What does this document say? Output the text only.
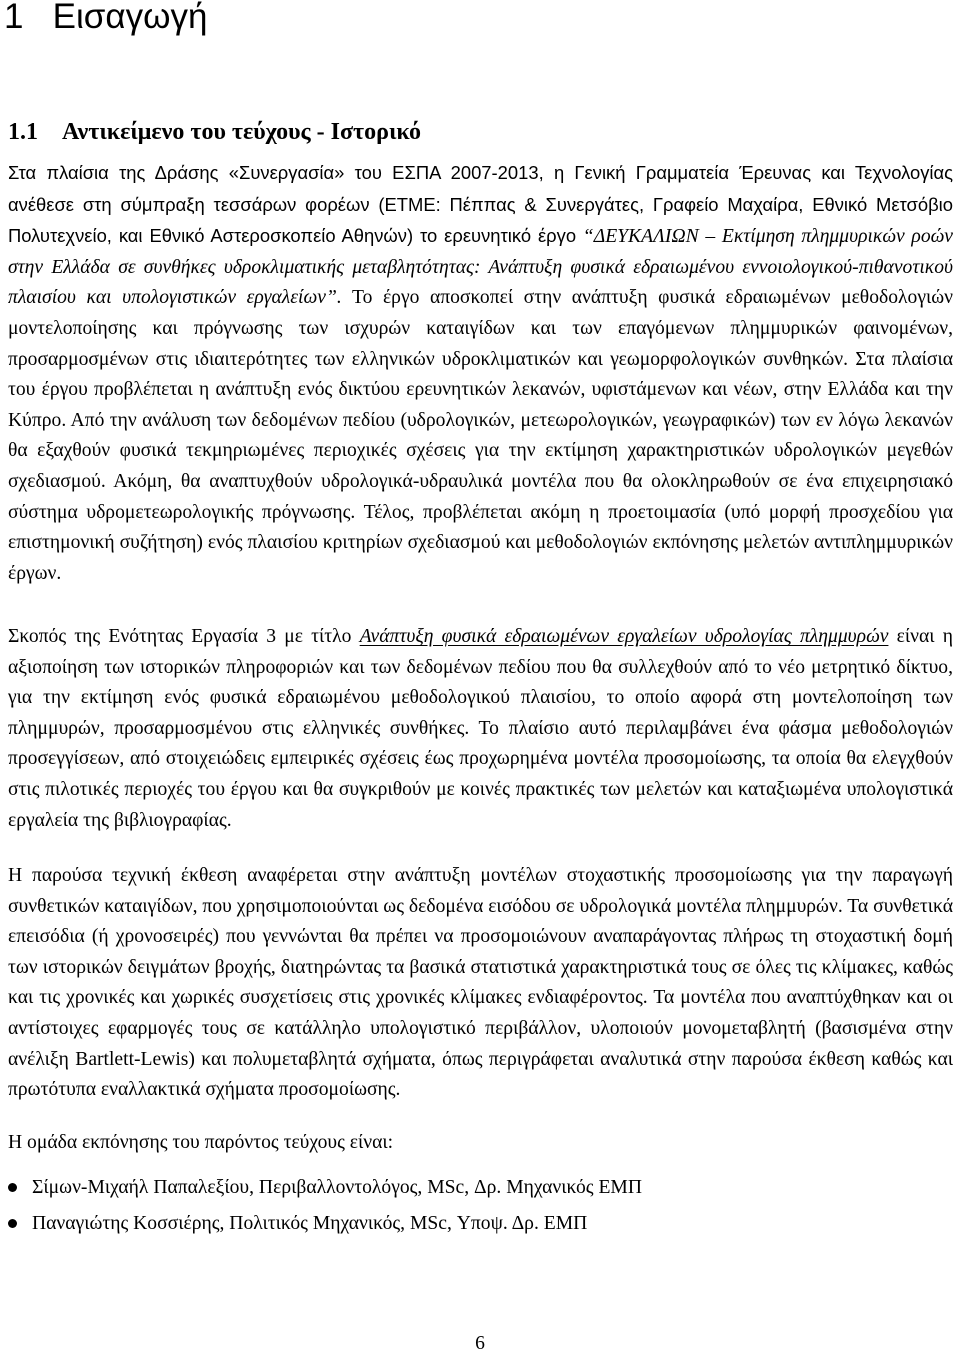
1 Εισαγωγή
1.1 Αντικείμενο του τεύχους - Ιστορικό

Στα πλαίσια της Δράσης «Συνεργασία» του ΕΣΠΑ 2007-2013, η Γενική Γραμματεία Έρευνας και Τεχνολογίας ανέθεσε στη σύμπραξη τεσσάρων φορέων (ΕΤΜΕ: Πέππας & Συνεργάτες, Γραφείο Μαχαίρα, Εθνικό Μετσόβιο Πολυτεχνείο, και Εθνικό Αστεροσκοπείο Αθηνών) το ερευνητικό έργο “ΔΕΥΚΑΛΙΩΝ – Εκτίμηση πλημμυρικών ροών στην Ελλάδα σε συνθήκες υδροκλιματικής μεταβλητότητας: Ανάπτυξη φυσικά εδραιωμένου εννοιολογικού-πιθανοτικού πλαισίου και υπολογιστικών εργαλείων”. Το έργο αποσκοπεί στην ανάπτυξη φυσικά εδραιωμένων μεθοδολογιών μοντελοποίησης και πρόγνωσης των ισχυρών καταιγίδων και των επαγόμενων πλημμυρικών φαινομένων, προσαρμοσμένων στις ιδιαιτερότητες των ελληνικών υδροκλιματικών και γεωμορφολογικών συνθηκών. Στα πλαίσια του έργου προβλέπεται η ανάπτυξη ενός δικτύου ερευνητικών λεκανών, υφιστάμενων και νέων, στην Ελλάδα και την Κύπρο. Από την ανάλυση των δεδομένων πεδίου (υδρολογικών, μετεωρολογικών, γεωγραφικών) των εν λόγω λεκανών θα εξαχθούν φυσικά τεκμηριωμένες περιοχικές σχέσεις για την εκτίμηση χαρακτηριστικών υδρολογικών μεγεθών σχεδιασμού. Ακόμη, θα αναπτυχθούν υδρολογικά-υδραυλικά μοντέλα που θα ολοκληρωθούν σε ένα επιχειρησιακό σύστημα υδρομετεωρολογικής πρόγνωσης. Τέλος, προβλέπεται ακόμη η προετοιμασία (υπό μορφή προσχεδίου για επιστημονική συζήτηση) ενός πλαισίου κριτηρίων σχεδιασμού και μεθοδολογιών εκπόνησης μελετών αντιπλημμυρικών έργων.

Σκοπός της Ενότητας Εργασία 3 με τίτλο Ανάπτυξη φυσικά εδραιωμένων εργαλείων υδρολογίας πλημμυρών είναι η αξιοποίηση των ιστορικών πληροφοριών και των δεδομένων πεδίου που θα συλλεχθούν από το νέο μετρητικό δίκτυο, για την εκτίμηση ενός φυσικά εδραιωμένου μεθοδολογικού πλαισίου, το οποίο αφορά στη μοντελοποίηση των πλημμυρών, προσαρμοσμένου στις ελληνικές συνθήκες. Το πλαίσιο αυτό περιλαμβάνει ένα φάσμα μεθοδολογιών προσεγγίσεων, από στοιχειώδεις εμπειρικές σχέσεις έως προχωρημένα μοντέλα προσομοίωσης, τα οποία θα ελεγχθούν στις πιλοτικές περιοχές του έργου και θα συγκριθούν με κοινές πρακτικές των μελετών και καταξιωμένα υπολογιστικά εργαλεία της βιβλιογραφίας.

Η παρούσα τεχνική έκθεση αναφέρεται στην ανάπτυξη μοντέλων στοχαστικής προσομοίωσης για την παραγωγή συνθετικών καταιγίδων, που χρησιμοποιούνται ως δεδομένα εισόδου σε υδρολογικά μοντέλα πλημμυρών. Τα συνθετικά επεισόδια (ή χρονοσειρές) που γεννώνται θα πρέπει να προσομοιώνουν αναπαράγοντας πλήρως τη στοχαστική δομή των ιστορικών δειγμάτων βροχής, διατηρώντας τα βασικά στατιστικά χαρακτηριστικά τους σε όλες τις κλίμακες, καθώς και τις χρονικές και χωρικές συσχετίσεις στις χρονικές κλίμακες ενδιαφέροντος. Τα μοντέλα που αναπτύχθηκαν και οι αντίστοιχες εφαρμογές τους σε κατάλληλο υπολογιστικό περιβάλλον, υλοποιούν μονομεταβλητή (βασισμένα στην ανέλιξη Bartlett-Lewis) και πολυμεταβλητά σχήματα, όπως περιγράφεται αναλυτικά στην παρούσα έκθεση καθώς και πρωτότυπα εναλλακτικά σχήματα προσομοίωσης.

Η ομάδα εκπόνησης του παρόντος τεύχους είναι:

Σίμων-Μιχαήλ Παπαλεξίου, Περιβαλλοντολόγος, MSc, Δρ. Μηχανικός ΕΜΠ
Παναγιώτης Κοσσιέρης, Πολιτικός Μηχανικός, MSc, Υποψ. Δρ. ΕΜΠ
6
